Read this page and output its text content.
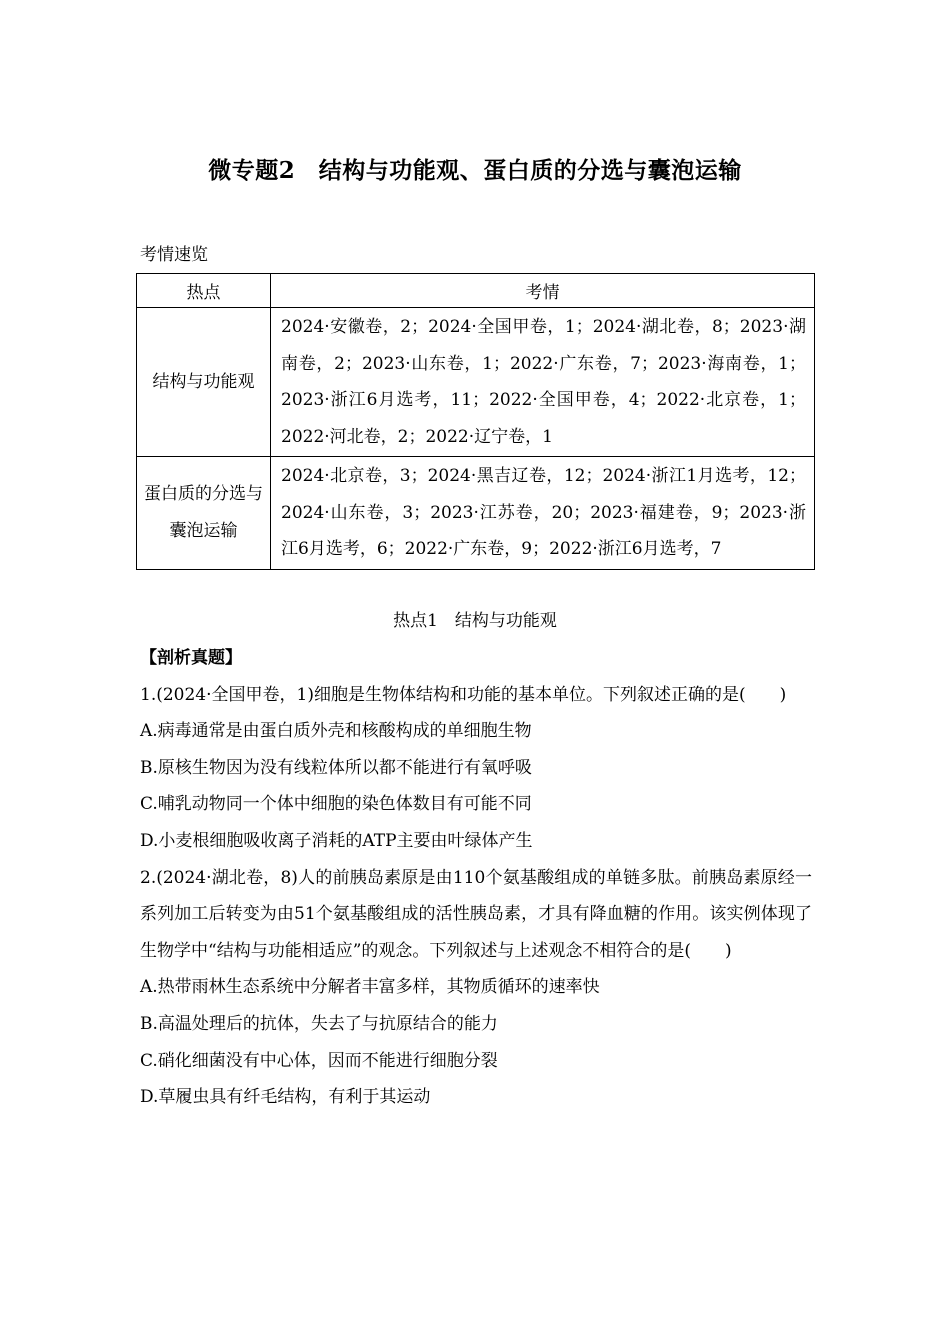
微专题2　结构与功能观、蛋白质的分选与囊泡运输
考情速览
热点	考情
结构与功能观	2024·安徽卷，2；2024·全国甲卷，1；2024·湖北卷，8；2023·湖南卷，2；2023·山东卷，1；2022·广东卷，7；2023·海南卷，1；2023·浙江6月选考，11；2022·全国甲卷，4；2022·北京卷，1；2022·河北卷，2；2022·辽宁卷，1
蛋白质的分选与囊泡运输	2024·北京卷，3；2024·黑吉辽卷，12；2024·浙江1月选考，12；2024·山东卷，3；2023·江苏卷，20；2023·福建卷，9；2023·浙江6月选考，6；2022·广东卷，9；2022·浙江6月选考，7
热点1　结构与功能观

【剖析真题】

1.(2024·全国甲卷，1)细胞是生物体结构和功能的基本单位。下列叙述正确的是(　　)

A.病毒通常是由蛋白质外壳和核酸构成的单细胞生物

B.原核生物因为没有线粒体所以都不能进行有氧呼吸

C.哺乳动物同一个体中细胞的染色体数目有可能不同

D.小麦根细胞吸收离子消耗的ATP主要由叶绿体产生

2.(2024·湖北卷，8)人的前胰岛素原是由110个氨基酸组成的单链多肽。前胰岛素原经一系列加工后转变为由51个氨基酸组成的活性胰岛素，才具有降血糖的作用。该实例体现了生物学中“结构与功能相适应”的观念。下列叙述与上述观念不相符合的是(　　)

A.热带雨林生态系统中分解者丰富多样，其物质循环的速率快

B.高温处理后的抗体，失去了与抗原结合的能力

C.硝化细菌没有中心体，因而不能进行细胞分裂

D.草履虫具有纤毛结构，有利于其运动
